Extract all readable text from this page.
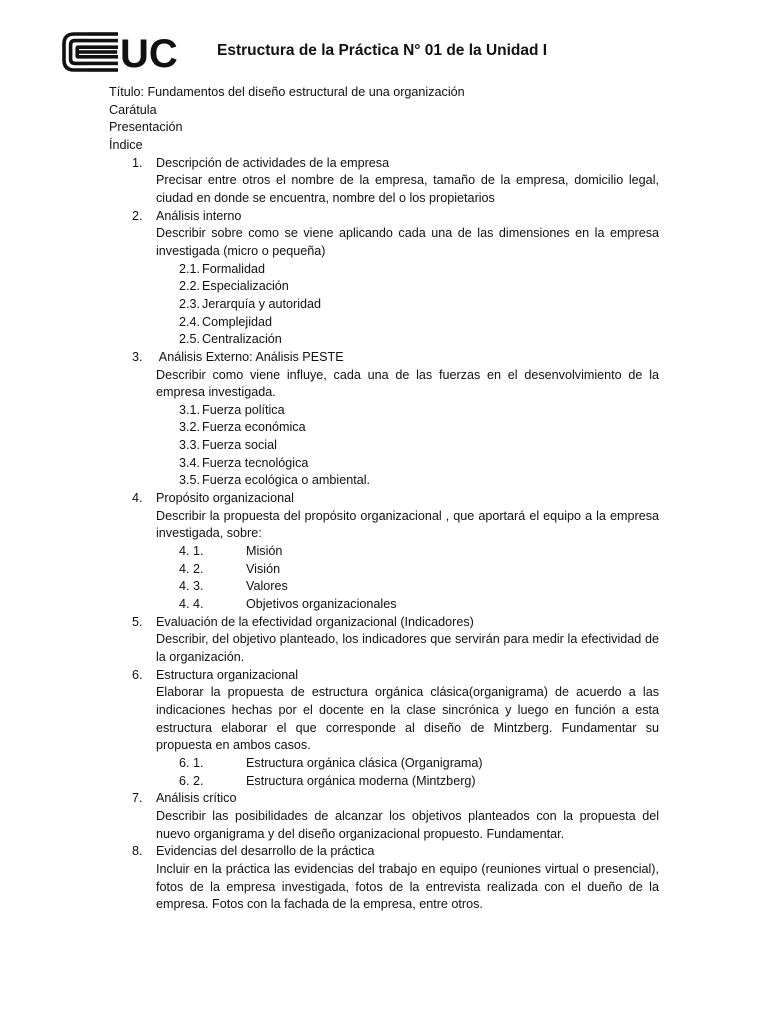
UC	Estructura de la Práctica N° 01 de la Unidad I
Título: Fundamentos del diseño estructural de una organización
Carátula
Presentación
Índice
1. Descripción de actividades de la empresa
Precisar entre otros el nombre de la empresa, tamaño de la empresa, domicilio legal, ciudad en donde se encuentra, nombre del o los propietarios
2. Análisis interno
Describir sobre como se viene aplicando cada una de las dimensiones en la empresa investigada (micro o pequeña)
2.1. Formalidad
2.2. Especialización
2.3. Jerarquía y autoridad
2.4. Complejidad
2.5. Centralización
3. Análisis Externo: Análisis PESTE
Describir como viene influye, cada una de las fuerzas en el desenvolvimiento de la empresa investigada.
3.1. Fuerza política
3.2. Fuerza económica
3.3. Fuerza social
3.4. Fuerza tecnológica
3.5. Fuerza ecológica o ambiental.
4. Propósito organizacional
Describir la propuesta del propósito organizacional , que aportará el equipo a la empresa investigada, sobre:
4. 1.	Misión
4. 2.	Visión
4. 3.	Valores
4. 4.	Objetivos organizacionales
5. Evaluación de la efectividad organizacional (Indicadores)
Describir, del objetivo planteado, los indicadores que servirán para medir la efectividad de la organización.
6. Estructura organizacional
Elaborar la propuesta de estructura orgánica clásica(organigrama) de acuerdo a las indicaciones hechas por el docente en la clase sincrónica y luego en función a esta estructura elaborar el que corresponde al diseño de Mintzberg. Fundamentar su propuesta en ambos casos.
6. 1.	Estructura orgánica clásica (Organigrama)
6. 2.	Estructura orgánica moderna (Mintzberg)
7. Análisis crítico
Describir las posibilidades de alcanzar los objetivos planteados con la propuesta del nuevo organigrama y del diseño organizacional propuesto. Fundamentar.
8. Evidencias del desarrollo de la práctica
Incluir en la práctica las evidencias del trabajo en equipo (reuniones virtual o presencial), fotos de la empresa investigada, fotos de la entrevista realizada con el dueño de la empresa. Fotos con la fachada de la empresa, entre otros.
